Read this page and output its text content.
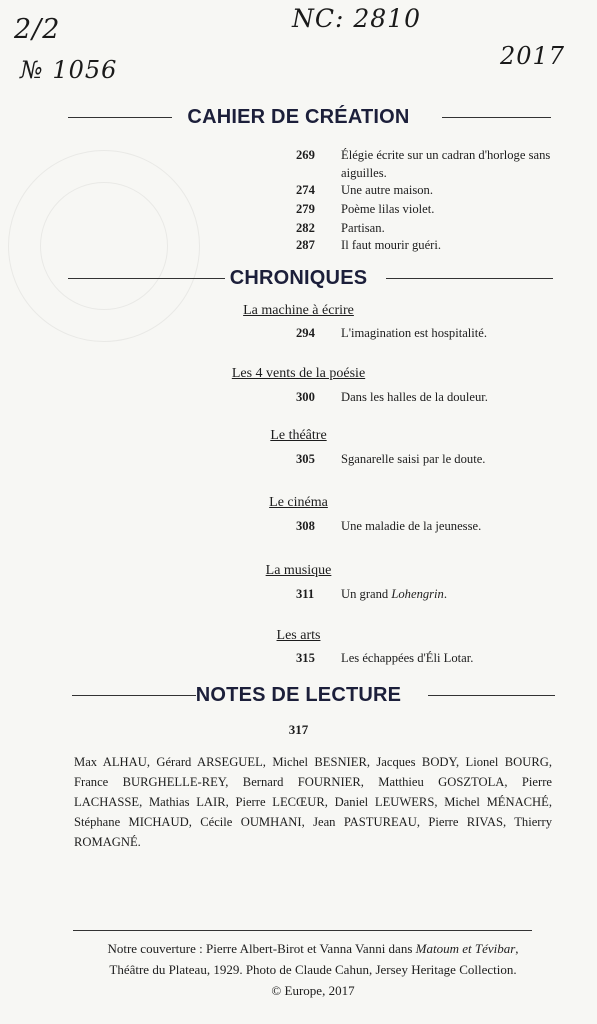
2/2
№ 1056
NC: 2810
2017
CAHIER DE CRÉATION
269 Élégie écrite sur un cadran d'horloge sans aiguilles.
274 Une autre maison.
279 Poème lilas violet.
282 Partisan.
287 Il faut mourir guéri.
CHRONIQUES
La machine à écrire
294 L'imagination est hospitalité.
Les 4 vents de la poésie
300 Dans les halles de la douleur.
Le théâtre
305 Sganarelle saisi par le doute.
Le cinéma
308 Une maladie de la jeunesse.
La musique
311 Un grand Lohengrin.
Les arts
315 Les échappées d'Éli Lotar.
NOTES DE LECTURE
317
Max ALHAU, Gérard ARSEGUEL, Michel BESNIER, Jacques BODY, Lionel BOURG, France BURGHELLE-REY, Bernard FOURNIER, Matthieu GOSZTOLA, Pierre LACHASSE, Mathias LAIR, Pierre LECŒUR, Daniel LEUWERS, Michel MÉNACHÉ, Stéphane MICHAUD, Cécile OUMHANI, Jean PASTUREAU, Pierre RIVAS, Thierry ROMAGNÉ.
Notre couverture : Pierre Albert-Birot et Vanna Vanni dans Matoum et Tévibar,
Théâtre du Plateau, 1929. Photo de Claude Cahun, Jersey Heritage Collection.
© Europe, 2017
